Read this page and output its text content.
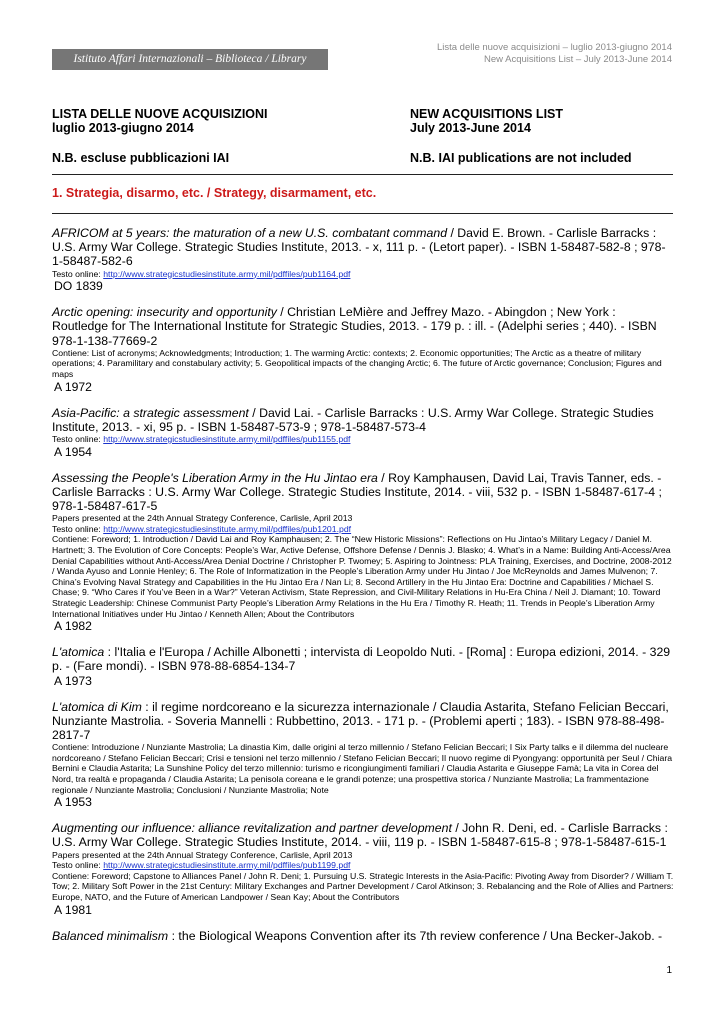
Istituto Affari Internazionali – Biblioteca / Library
Lista delle nuove acquisizioni – luglio 2013-giugno 2014
New Acquisitions List – July 2013-June 2014
LISTA DELLE NUOVE ACQUISIZIONI
luglio 2013-giugno 2014
N.B. escluse pubblicazioni IAI
NEW ACQUISITIONS LIST
July 2013-June 2014
N.B. IAI publications are not included
1. Strategia, disarmo, etc. / Strategy, disarmament, etc.
AFRICOM at 5 years: the maturation of a new U.S. combatant command / David E. Brown. - Carlisle Barracks : U.S. Army War College. Strategic Studies Institute, 2013. - x, 111 p. - (Letort paper). - ISBN 1-58487-582-8 ; 978-1-58487-582-6
Testo online: http://www.strategicstudiesinstitute.army.mil/pdffiles/pub1164.pdf
DO 1839
Arctic opening: insecurity and opportunity / Christian LeMière and Jeffrey Mazo. - Abingdon ; New York : Routledge for The International Institute for Strategic Studies, 2013. - 179 p. : ill. - (Adelphi series ; 440). - ISBN 978-1-138-77669-2
Contiene: List of acronyms; Acknowledgments; Introduction; 1. The warming Arctic: contexts; 2. Economic opportunities; The Arctic as a theatre of military operations; 4. Paramilitary and constabulary activity; 5. Geopolitical impacts of the changing Arctic; 6. The future of Arctic governance; Conclusion; Figures and maps
A 1972
Asia-Pacific: a strategic assessment / David Lai. - Carlisle Barracks : U.S. Army War College. Strategic Studies Institute, 2013. - xi, 95 p. - ISBN 1-58487-573-9 ; 978-1-58487-573-4
Testo online: http://www.strategicstudiesinstitute.army.mil/pdffiles/pub1155.pdf
A 1954
Assessing the People's Liberation Army in the Hu Jintao era / Roy Kamphausen, David Lai, Travis Tanner, eds. - Carlisle Barracks : U.S. Army War College. Strategic Studies Institute, 2014. - viii, 532 p. - ISBN 1-58487-617-4 ; 978-1-58487-617-5
Papers presented at the 24th Annual Strategy Conference, Carlisle, April 2013
Testo online: http://www.strategicstudiesinstitute.army.mil/pdffiles/pub1201.pdf
Contiene: Foreword; 1. Introduction / David Lai and Roy Kamphausen; 2. The “New Historic Missions”: Reflections on Hu Jintao’s Military Legacy / Daniel M. Hartnett; 3. The Evolution of Core Concepts: People’s War, Active Defense, Offshore Defense / Dennis J. Blasko; 4. What’s in a Name: Building Anti-Access/Area Denial Capabilities without Anti-Access/Area Denial Doctrine / Christopher P. Twomey; 5. Aspiring to Jointness: PLA Training, Exercises, and Doctrine, 2008-2012 / Wanda Ayuso and Lonnie Henley; 6. The Role of Informatization in the People’s Liberation Army under Hu Jintao / Joe McReynolds and James Mulvenon; 7. China’s Evolving Naval Strategy and Capabilities in the Hu Jintao Era / Nan Li; 8. Second Artillery in the Hu Jintao Era: Doctrine and Capabilities / Michael S. Chase; 9. “Who Cares if You’ve Been in a War?” Veteran Activism, State Repression, and Civil-Military Relations in Hu-Era China / Neil J. Diamant; 10. Toward Strategic Leadership: Chinese Communist Party People’s Liberation Army Relations in the Hu Era / Timothy R. Heath; 11. Trends in People’s Liberation Army International Initiatives under Hu Jintao / Kenneth Allen; About the Contributors
A 1982
L'atomica : l'Italia e l'Europa / Achille Albonetti ; intervista di Leopoldo Nuti. - [Roma] : Europa edizioni, 2014. - 329 p. - (Fare mondi). - ISBN 978-88-6854-134-7
A 1973
L'atomica di Kim : il regime nordcoreano e la sicurezza internazionale / Claudia Astarita, Stefano Felician Beccari, Nunziante Mastrolia. - Soveria Mannelli : Rubbettino, 2013. - 171 p. - (Problemi aperti ; 183). - ISBN 978-88-498-2817-7
Contiene: Introduzione / Nunziante Mastrolia; La dinastia Kim, dalle origini al terzo millennio / Stefano Felician Beccari; I Six Party talks e il dilemma del nucleare nordcoreano / Stefano Felician Beccari; Crisi e tensioni nel terzo millennio / Stefano Felician Beccari; Il nuovo regime di Pyongyang: opportunità per Seul / Chiara Bernini e Claudia Astarita; La Sunshine Policy del terzo millennio: turismo e ricongiungimenti familiari / Claudia Astarita e Giuseppe Famà; La vita in Corea del Nord, tra realtà e propaganda / Claudia Astarita; La penisola coreana e le grandi potenze; una prospettiva storica / Nunziante Mastrolia; La frammentazione regionale / Nunziante Mastrolia; Conclusioni / Nunziante Mastrolia; Note
A 1953
Augmenting our influence: alliance revitalization and partner development / John R. Deni, ed. - Carlisle Barracks : U.S. Army War College. Strategic Studies Institute, 2014. - viii, 119 p. - ISBN 1-58487-615-8 ; 978-1-58487-615-1
Papers presented at the 24th Annual Strategy Conference, Carlisle, April 2013
Testo online: http://www.strategicstudiesinstitute.army.mil/pdffiles/pub1199.pdf
Contiene: Foreword; Capstone to Alliances Panel / John R. Deni; 1. Pursuing U.S. Strategic Interests in the Asia-Pacific: Pivoting Away from Disorder? / William T. Tow; 2. Military Soft Power in the 21st Century: Military Exchanges and Partner Development / Carol Atkinson; 3. Rebalancing and the Role of Allies and Partners: Europe, NATO, and the Future of American Landpower / Sean Kay; About the Contributors
A 1981
Balanced minimalism : the Biological Weapons Convention after its 7th review conference / Una Becker-Jakob. -
1
